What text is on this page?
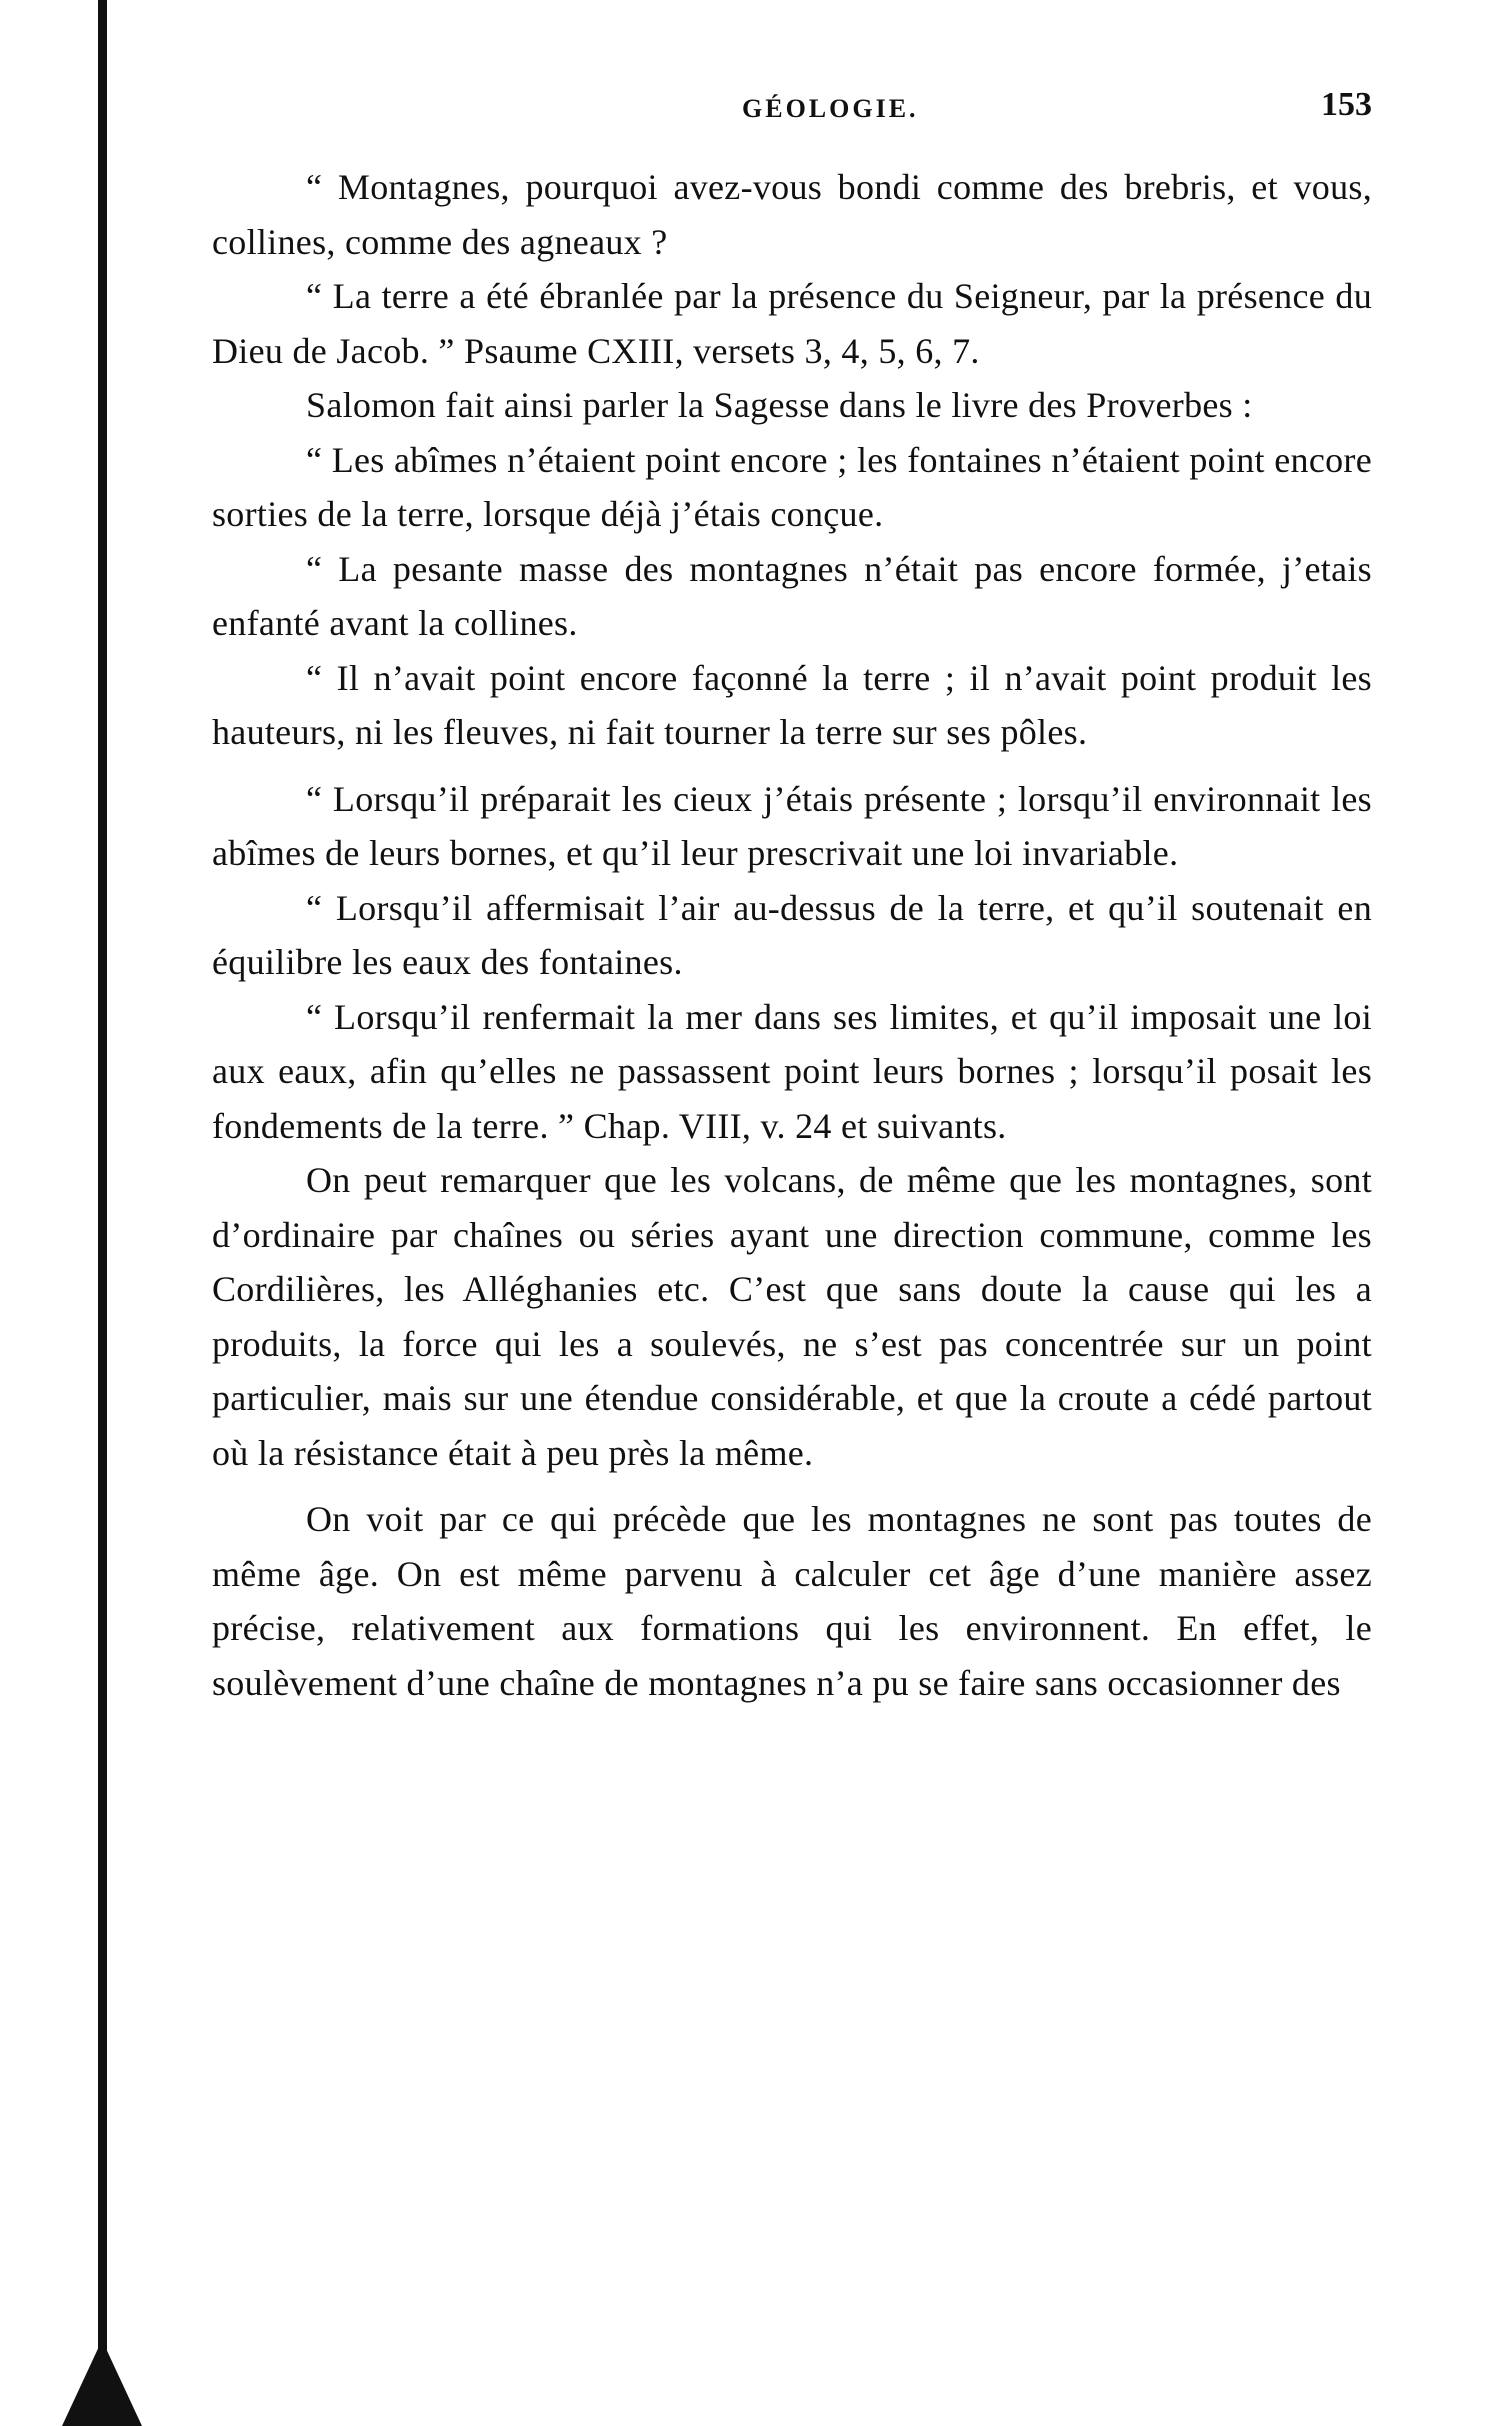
GÉOLOGIE.	153

“ Montagnes, pourquoi avez-vous bondi comme des brebris, et vous, collines, comme des agneaux ?

“ La terre a été ébranlée par la présence du Seigneur, par la présence du Dieu de Jacob. ” Psaume CXIII, versets 3, 4, 5, 6, 7.

Salomon fait ainsi parler la Sagesse dans le livre des Proverbes :

“ Les abîmes n’étaient point encore ; les fontaines n’étaient point encore sorties de la terre, lorsque déjà j’étais conçue.

“ La pesante masse des montagnes n’était pas encore formée, j’etais enfanté avant la collines.

“ Il n’avait point encore façonné la terre ; il n’avait point produit les hauteurs, ni les fleuves, ni fait tourner la terre sur ses pôles.

“ Lorsqu’il préparait les cieux j’étais présente ; lorsqu’il environnait les abîmes de leurs bornes, et qu’il leur prescrivait une loi invariable.

“ Lorsqu’il affermisait l’air au-dessus de la terre, et qu’il soutenait en équilibre les eaux des fontaines.

“ Lorsqu’il renfermait la mer dans ses limites, et qu’il imposait une loi aux eaux, afin qu’elles ne passassent point leurs bornes ; lorsqu’il posait les fondements de la terre. ” Chap. VIII, v. 24 et suivants.

On peut remarquer que les volcans, de même que les montagnes, sont d’ordinaire par chaînes ou séries ayant une direction commune, comme les Cordilières, les Alléghanies etc. C’est que sans doute la cause qui les a produits, la force qui les a soulevés, ne s’est pas concentrée sur un point particulier, mais sur une étendue considérable, et que la croute a cédé partout où la résistance était à peu près la même.

On voit par ce qui précède que les montagnes ne sont pas toutes de même âge. On est même parvenu à calculer cet âge d’une manière assez précise, relativement aux formations qui les environnent. En effet, le soulèvement d’une chaîne de montagnes n’a pu se faire sans occasionner des
